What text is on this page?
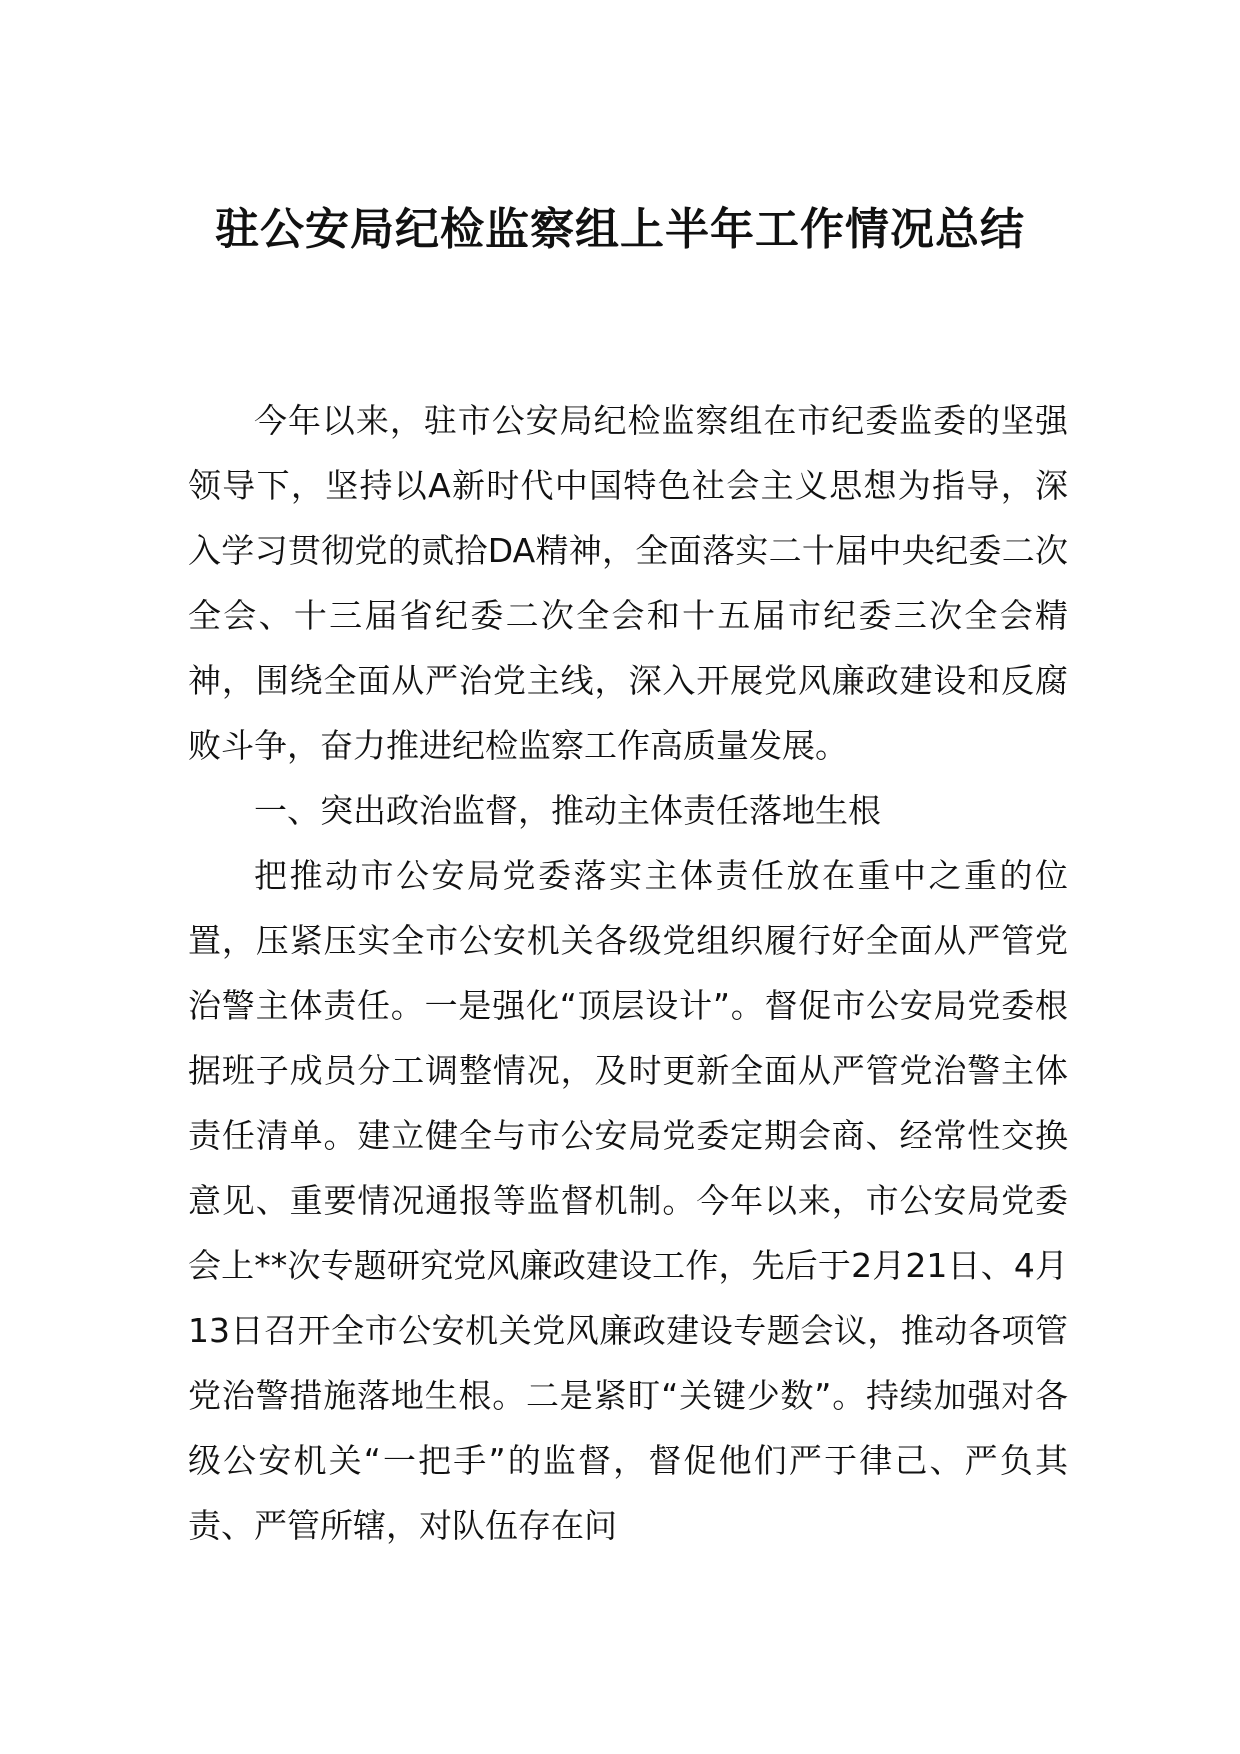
驻公安局纪检监察组上半年工作情况总结

今年以来，驻市公安局纪检监察组在市纪委监委的坚强领导下，坚持以A新时代中国特色社会主义思想为指导，深入学习贯彻党的贰拾DA精神，全面落实二十届中央纪委二次全会、十三届省纪委二次全会和十五届市纪委三次全会精神，围绕全面从严治党主线，深入开展党风廉政建设和反腐败斗争，奋力推进纪检监察工作高质量发展。

一、突出政治监督，推动主体责任落地生根

把推动市公安局党委落实主体责任放在重中之重的位置，压紧压实全市公安机关各级党组织履行好全面从严管党治警主体责任。一是强化“顶层设计”。督促市公安局党委根据班子成员分工调整情况，及时更新全面从严管党治警主体责任清单。建立健全与市公安局党委定期会商、经常性交换意见、重要情况通报等监督机制。今年以来，市公安局党委会上**次专题研究党风廉政建设工作，先后于2月21日、4月13日召开全市公安机关党风廉政建设专题会议，推动各项管党治警措施落地生根。二是紧盯“关键少数”。持续加强对各级公安机关“一把手”的监督，督促他们严于律己、严负其责、严管所辖，对队伍存在问
